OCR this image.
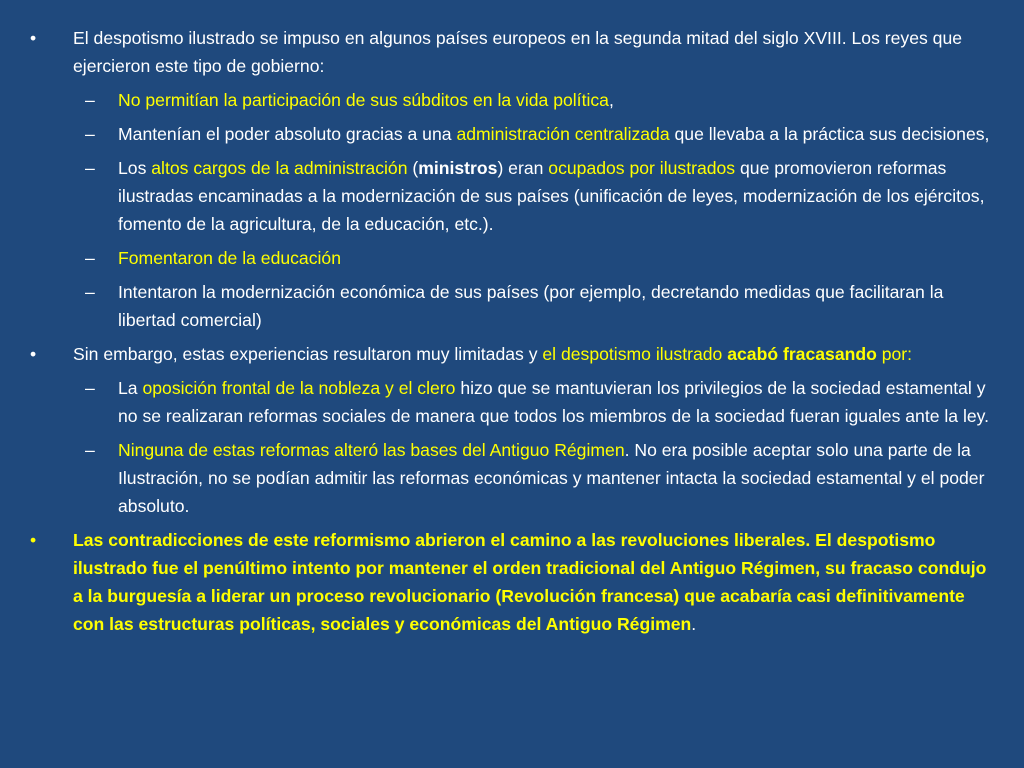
• El despotismo ilustrado se impuso en algunos países europeos en la segunda mitad del siglo XVIII. Los reyes que ejercieron este tipo de gobierno:
– No permitían la participación de sus súbditos en la vida política,
– Mantenían el poder absoluto gracias a una administración centralizada que llevaba a la práctica sus decisiones,
– Los altos cargos de la administración (ministros) eran ocupados por ilustrados que promovieron reformas ilustradas encaminadas a la modernización de sus países (unificación de leyes, modernización de los ejércitos, fomento de la agricultura, de la educación, etc.).
– Fomentaron de la educación
– Intentaron la modernización económica de sus países (por ejemplo, decretando medidas que facilitaran la libertad comercial)
• Sin embargo, estas experiencias resultaron muy limitadas y el despotismo ilustrado acabó fracasando por:
– La oposición frontal de la nobleza y el clero hizo que se mantuvieran los privilegios de la sociedad estamental y no se realizaran reformas sociales de manera que todos los miembros de la sociedad fueran iguales ante la ley.
– Ninguna de estas reformas alteró las bases del Antiguo Régimen. No era posible aceptar solo una parte de la Ilustración, no se podían admitir las reformas económicas y mantener intacta la sociedad estamental y el poder absoluto.
• Las contradicciones de este reformismo abrieron el camino a las revoluciones liberales. El despotismo ilustrado fue el penúltimo intento por mantener el orden tradicional del Antiguo Régimen, su fracaso condujo a la burguesía a liderar un proceso revolucionario (Revolución francesa) que acabaría casi definitivamente con las estructuras políticas, sociales y económicas del Antiguo Régimen.
